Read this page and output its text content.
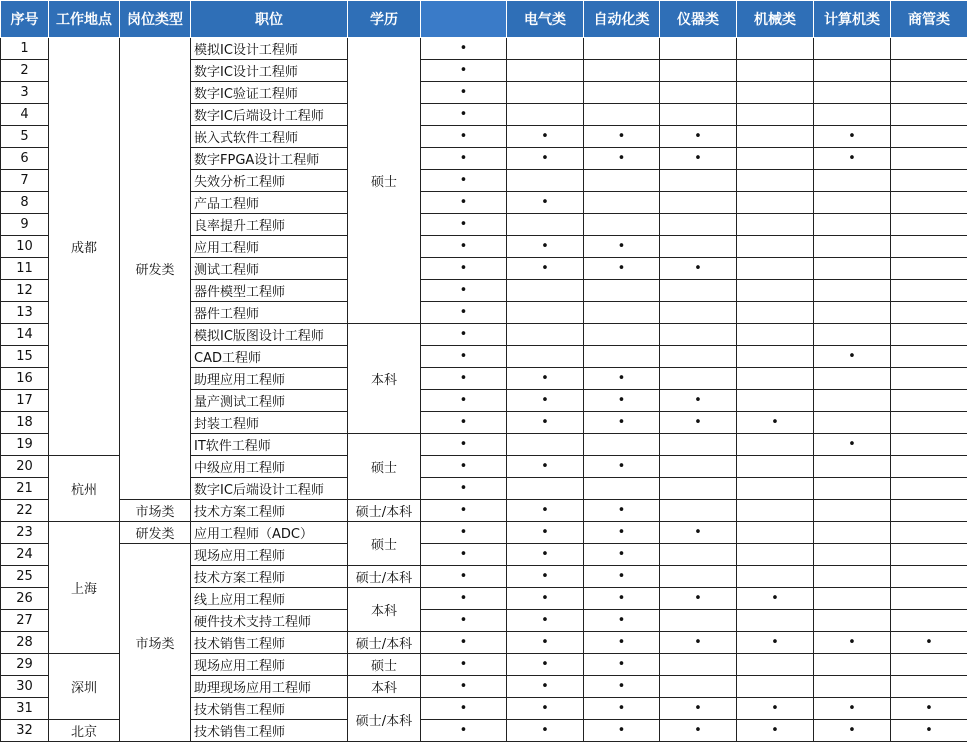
序号	工作地点	岗位类型	职位	学历		电气类	自动化类	仪器类	机械类	计算机类	商管类
1	成都	研发类	模拟IC设计工程师	硕士	•						
2			数字IC设计工程师		•						
3			数字IC验证工程师		•						
4			数字IC后端设计工程师		•						
5			嵌入式软件工程师		•	•	•	•		•	
6			数字FPGA设计工程师		•	•	•	•		•	
7			失效分析工程师		•						
8			产品工程师		•	•					
9			良率提升工程师		•						
10			应用工程师		•	•	•				
11			测试工程师		•	•	•	•			
12			器件模型工程师		•						
13			器件工程师		•						
14			模拟IC版图设计工程师	本科	•						
15			CAD工程师		•					•	
16			助理应用工程师		•	•	•				
17			量产测试工程师		•	•	•	•			
18			封装工程师		•	•	•	•	•		
19			IT软件工程师	硕士	•					•	
20	杭州		中级应用工程师		•	•	•				
21			数字IC后端设计工程师		•						
22		市场类	技术方案工程师	硕士/本科	•	•	•				
23	上海	研发类	应用工程师（ADC）	硕士	•	•	•	•			
24		市场类	现场应用工程师		•	•	•				
25			技术方案工程师	硕士/本科	•	•	•				
26			线上应用工程师	本科	•	•	•	•	•		
27			硬件技术支持工程师		•	•	•				
28			技术销售工程师	硕士/本科	•	•	•	•	•	•	•
29	深圳		现场应用工程师	硕士	•	•	•				
30			助理现场应用工程师	本科	•	•	•				
31			技术销售工程师	硕士/本科	•	•	•	•	•	•	•
32	北京		技术销售工程师		•	•	•	•	•	•	•
